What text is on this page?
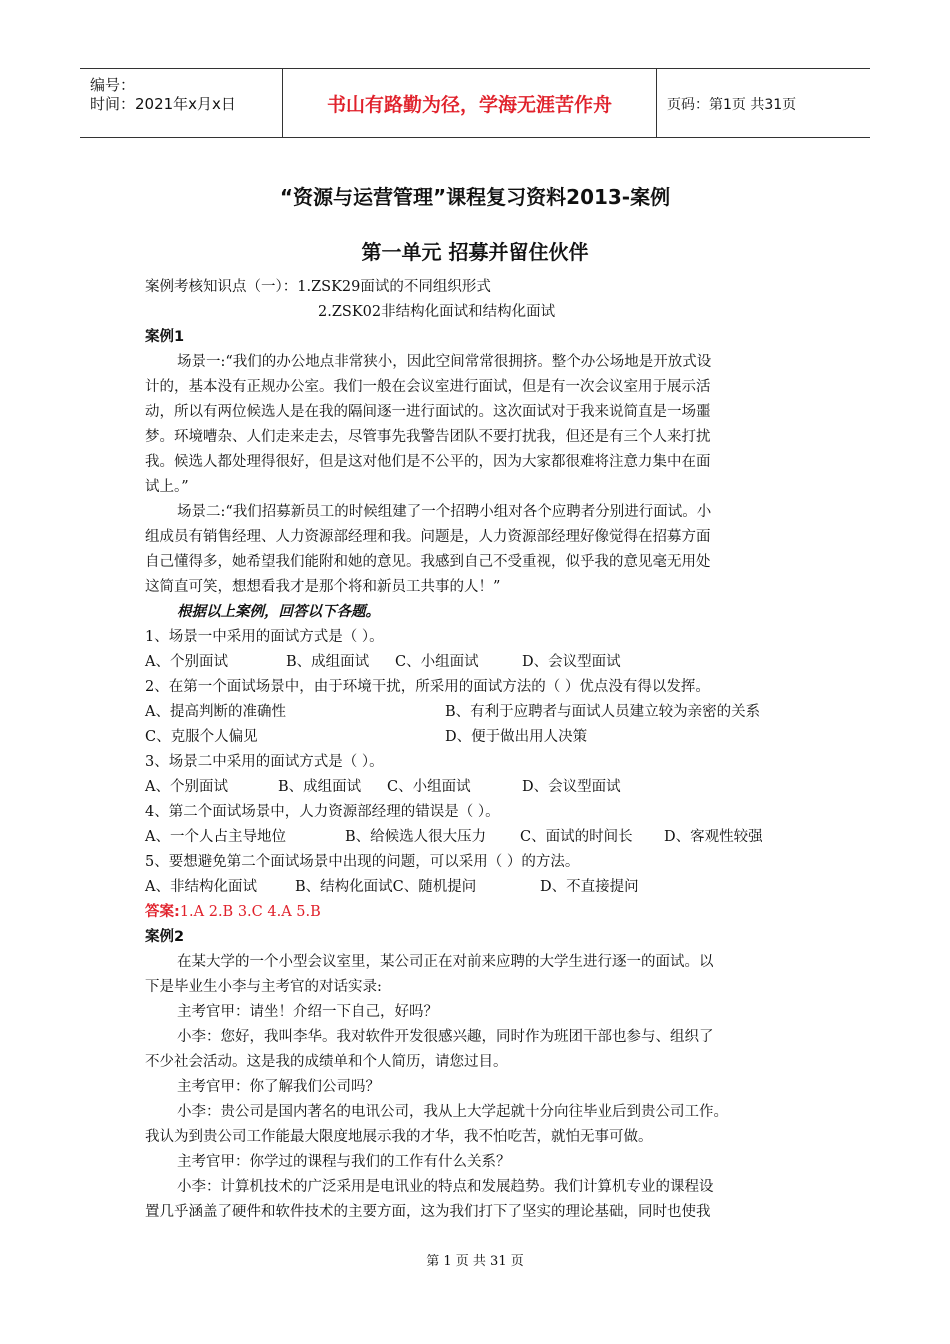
编号：
时间：2021年x月x日	书山有路勤为径，学海无涯苦作舟	页码：第1页 共31页
“资源与运营管理”课程复习资料2013-案例
第一单元 招募并留住伙伴
案例考核知识点（一）：1.ZSK29面试的不同组织形式
2.ZSK02非结构化面试和结构化面试
案例1
场景一:“我们的办公地点非常狭小，因此空间常常很拥挤。整个办公场地是开放式设
计的，基本没有正规办公室。我们一般在会议室进行面试，但是有一次会议室用于展示活
动，所以有两位候选人是在我的隔间逐一进行面试的。这次面试对于我来说简直是一场噩
梦。环境嘈杂、人们走来走去，尽管事先我警告团队不要打扰我，但还是有三个人来打扰
我。候选人都处理得很好，但是这对他们是不公平的，因为大家都很难将注意力集中在面
试上。”
场景二:“我们招募新员工的时候组建了一个招聘小组对各个应聘者分别进行面试。小
组成员有销售经理、人力资源部经理和我。问题是，人力资源部经理好像觉得在招募方面
自己懂得多，她希望我们能附和她的意见。我感到自己不受重视，似乎我的意见毫无用处
这简直可笑，想想看我才是那个将和新员工共事的人！”
根据以上案例，回答以下各题。
1、场景一中采用的面试方式是（ ）。
A、个别面试	B、成组面试 C、小组面试	D、会议型面试
2、在第一个面试场景中，由于环境干扰，所采用的面试方法的（ ）优点没有得以发挥。
A、提高判断的准确性	B、有利于应聘者与面试人员建立较为亲密的关系
C、克服个人偏见	D、便于做出用人决策
3、场景二中采用的面试方式是（ ）。
A、个别面试	B、成组面试 C、小组面试	D、会议型面试
4、第二个面试场景中，人力资源部经理的错误是（ ）。
A、一个人占主导地位	B、给候选人很大压力 C、面试的时间长 D、客观性较强
5、要想避免第二个面试场景中出现的问题，可以采用（ ）的方法。
A、非结构化面试	B、结构化面试C、随机提问	D、不直接提问
答案:1.A 2.B 3.C 4.A 5.B
案例2
在某大学的一个小型会议室里，某公司正在对前来应聘的大学生进行逐一的面试。以
下是毕业生小李与主考官的对话实录:
主考官甲：请坐！介绍一下自己，好吗？
小李：您好，我叫李华。我对软件开发很感兴趣，同时作为班团干部也参与、组织了
不少社会活动。这是我的成绩单和个人简历，请您过目。
主考官甲：你了解我们公司吗？
小李：贵公司是国内著名的电讯公司，我从上大学起就十分向往毕业后到贵公司工作。
我认为到贵公司工作能最大限度地展示我的才华，我不怕吃苦，就怕无事可做。
主考官甲：你学过的课程与我们的工作有什么关系？
小李：计算机技术的广泛采用是电讯业的特点和发展趋势。我们计算机专业的课程设
置几乎涵盖了硬件和软件技术的主要方面，这为我们打下了坚实的理论基础，同时也使我
第 1 页 共 31 页
